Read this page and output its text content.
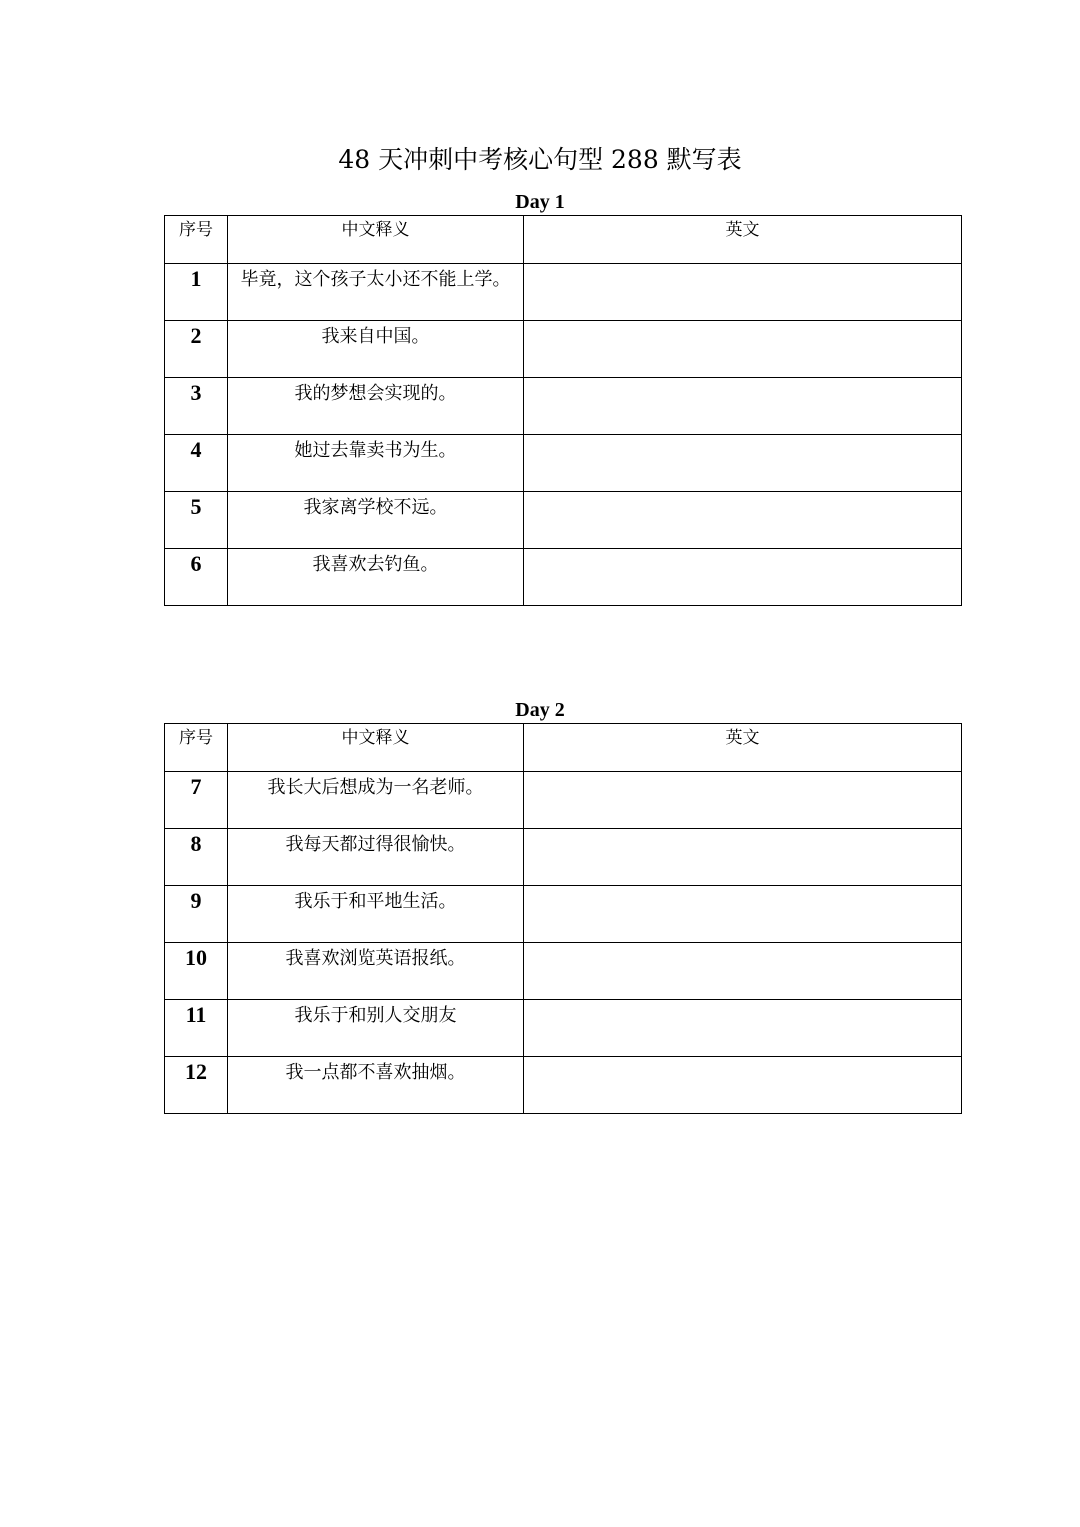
48 天冲刺中考核心句型 288 默写表
Day 1
序号	中文释义	英文
1	毕竟，这个孩子太小还不能上学。	
2	我来自中国。	
3	我的梦想会实现的。	
4	她过去靠卖书为生。	
5	我家离学校不远。	
6	我喜欢去钓鱼。	
Day 2
序号	中文释义	英文
7	我长大后想成为一名老师。	
8	我每天都过得很愉快。	
9	我乐于和平地生活。	
10	我喜欢浏览英语报纸。	
11	我乐于和别人交朋友	
12	我一点都不喜欢抽烟。	
